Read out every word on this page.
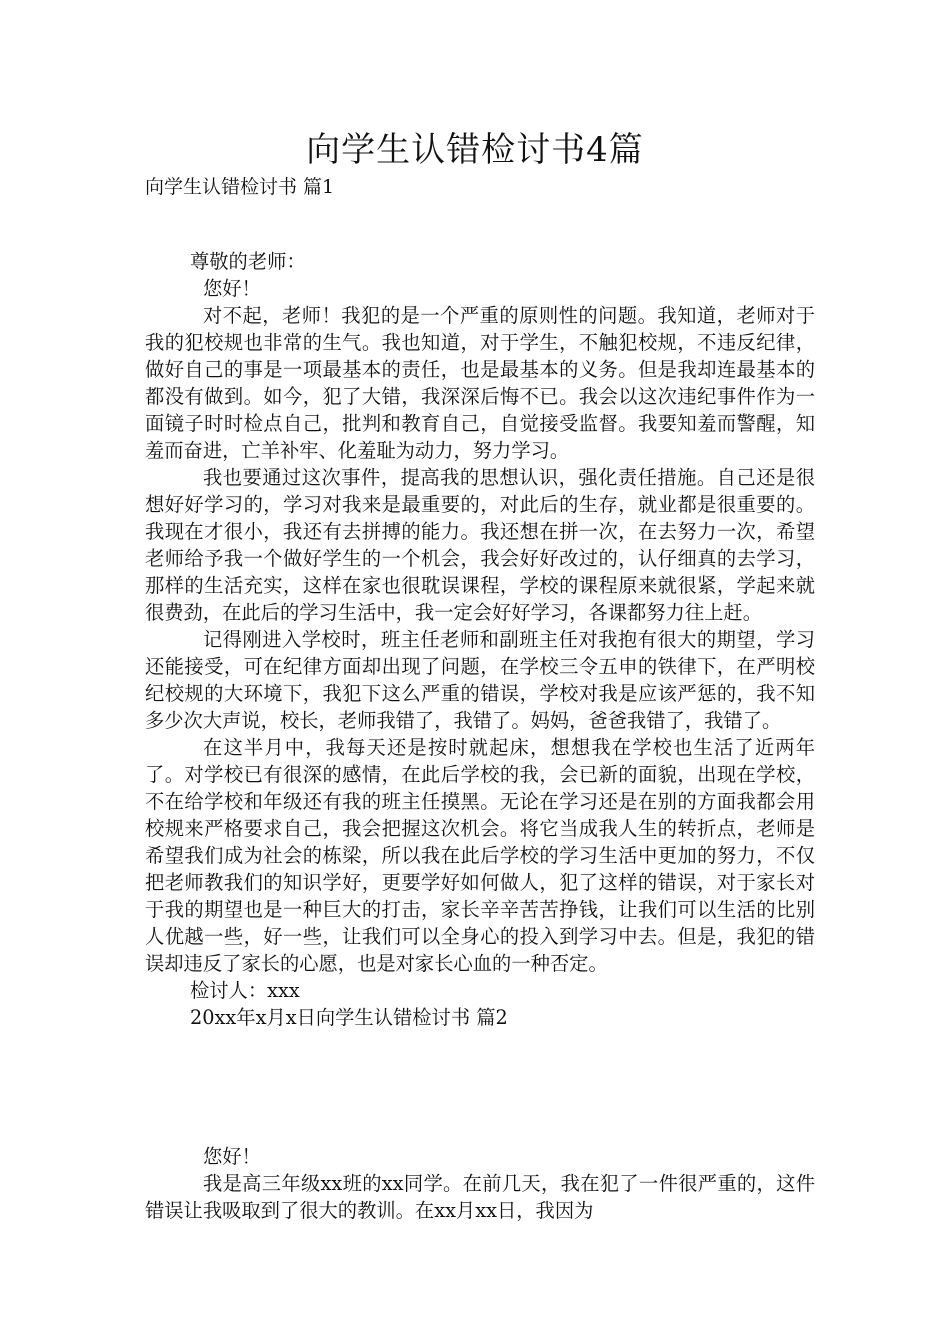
向学生认错检讨书4篇
向学生认错检讨书 篇1

尊敬的老师：

您好！

对不起，老师！我犯的是一个严重的原则性的问题。我知道，老师对于我的犯校规也非常的生气。我也知道，对于学生，不触犯校规，不违反纪律，做好自己的事是一项最基本的责任，也是最基本的义务。但是我却连最基本的都没有做到。如今，犯了大错，我深深后悔不已。我会以这次违纪事件作为一面镜子时时检点自己，批判和教育自己，自觉接受监督。我要知羞而警醒，知羞而奋进，亡羊补牢、化羞耻为动力，努力学习。

我也要通过这次事件，提高我的思想认识，强化责任措施。自己还是很想好好学习的，学习对我来是最重要的，对此后的生存，就业都是很重要的。我现在才很小，我还有去拼搏的能力。我还想在拼一次，在去努力一次，希望老师给予我一个做好学生的一个机会，我会好好改过的，认仔细真的去学习，那样的生活充实，这样在家也很耽误课程，学校的课程原来就很紧，学起来就很费劲，在此后的学习生活中，我一定会好好学习，各课都努力往上赶。

记得刚进入学校时，班主任老师和副班主任对我抱有很大的期望，学习还能接受，可在纪律方面却出现了问题，在学校三令五申的铁律下，在严明校纪校规的大环境下，我犯下这么严重的错误，学校对我是应该严惩的，我不知多少次大声说，校长，老师我错了，我错了。妈妈，爸爸我错了，我错了。

在这半月中，我每天还是按时就起床，想想我在学校也生活了近两年了。对学校已有很深的感情，在此后学校的我，会已新的面貌，出现在学校，不在给学校和年级还有我的班主任摸黑。无论在学习还是在别的方面我都会用校规来严格要求自己，我会把握这次机会。将它当成我人生的转折点，老师是希望我们成为社会的栋梁，所以我在此后学校的学习生活中更加的努力，不仅把老师教我们的知识学好，更要学好如何做人，犯了这样的错误，对于家长对于我的期望也是一种巨大的打击，家长辛辛苦苦挣钱，让我们可以生活的比别人优越一些，好一些，让我们可以全身心的投入到学习中去。但是，我犯的错误却违反了家长的心愿，也是对家长心血的一种否定。

检讨人：xxx

20xx年x月x日向学生认错检讨书 篇2

您好！

我是高三年级xx班的xx同学。在前几天，我在犯了一件很严重的，这件错误让我吸取到了很大的教训。在xx月xx日，我因为
